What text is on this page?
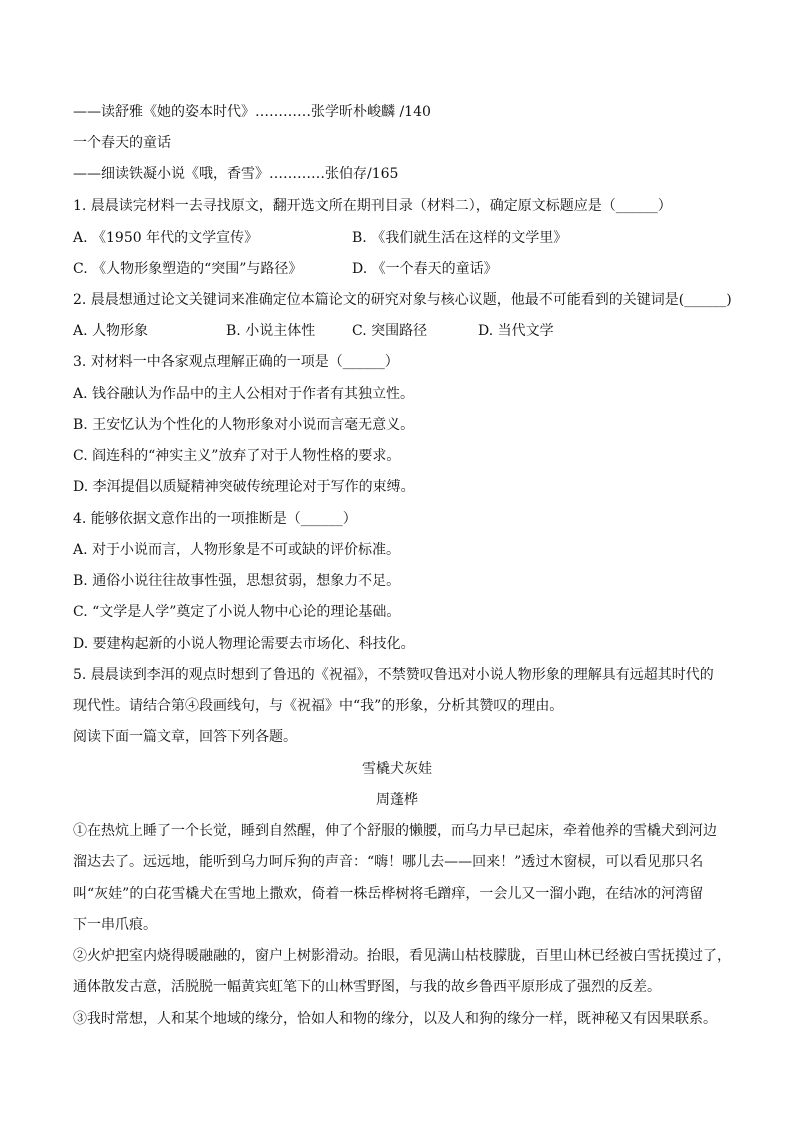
——读舒雅《她的姿本时代》…………张学昕朴峻麟 /140
一个春天的童话
——细读铁凝小说《哦，香雪》…………张伯存/165
1. 晨晨读完材料一去寻找原文，翻开选文所在期刊目录（材料二），确定原文标题应是（______）
A. 《1950 年代的文学宣传》	B. 《我们就生活在这样的文学里》
C. 《人物形象塑造的“突围”与路径》	D. 《一个春天的童话》
2. 晨晨想通过论文关键词来准确定位本篇论文的研究对象与核心议题，他最不可能看到的关键词是(______)
A. 人物形象	B. 小说主体性	C. 突围路径	D. 当代文学
3. 对材料一中各家观点理解正确的一项是（______）
A. 钱谷融认为作品中的主人公相对于作者有其独立性。
B. 王安忆认为个性化的人物形象对小说而言毫无意义。
C. 阎连科的“神实主义”放弃了对于人物性格的要求。
D. 李洱提倡以质疑精神突破传统理论对于写作的束缚。
4. 能够依据文意作出的一项推断是（______）
A. 对于小说而言，人物形象是不可或缺的评价标准。
B. 通俗小说往往故事性强，思想贫弱，想象力不足。
C. “文学是人学”奠定了小说人物中心论的理论基础。
D. 要建构起新的小说人物理论需要去市场化、科技化。
5. 晨晨读到李洱的观点时想到了鲁迅的《祝福》，不禁赞叹鲁迅对小说人物形象的理解具有远超其时代的
现代性。请结合第④段画线句，与《祝福》中“我”的形象，分析其赞叹的理由。
阅读下面一篇文章，回答下列各题。
雪橇犬灰娃
周蓬桦
①在热炕上睡了一个长觉，睡到自然醒，伸了个舒服的懒腰，而乌力早已起床，牵着他养的雪橇犬到河边
溜达去了。远远地，能听到乌力呵斥狗的声音：“嗨！哪儿去——回来！”透过木窗棂，可以看见那只名
叫“灰娃”的白花雪橇犬在雪地上撒欢，倚着一株岳桦树将毛蹭痒，一会儿又一溜小跑，在结冰的河湾留
下一串爪痕。
②火炉把室内烧得暖融融的，窗户上树影滑动。抬眼，看见满山枯枝朦胧，百里山林已经被白雪抚摸过了，
通体散发古意，活脱脱一幅黄宾虹笔下的山林雪野图，与我的故乡鲁西平原形成了强烈的反差。
③我时常想，人和某个地域的缘分，恰如人和物的缘分，以及人和狗的缘分一样，既神秘又有因果联系。
